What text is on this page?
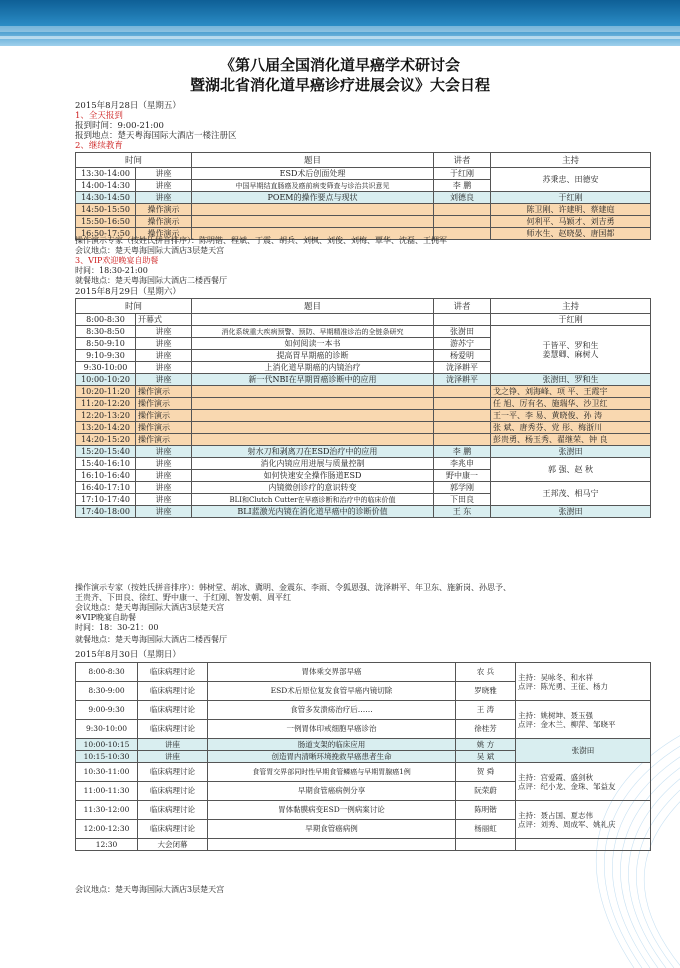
《第八届全国消化道早癌学术研讨会
暨湖北省消化道早癌诊疗进展会议》大会日程
2015年8月28日（星期五）
1、全天报到
报到时间：9:00-21:00
报到地点：楚天粤海国际大酒店一楼注册区
2、继续教育
时间		题目	讲者	主持
13:30-14:00	讲座	ESD术后创面处理	于红刚	苏秉忠、田德安
14:00-14:30	讲座	中国早期结直肠癌及癌前病变筛查与诊治共识意见	李 鹏	
14:30-14:50	讲座	POEM的操作要点与现状	刘德良	于红刚
14:50-15:50	操作演示			陈卫刚、许建明、蔡建庭
15:50-16:50	操作演示			何利平、马颖才、刘吉勇
16:50-17:50	操作演示			师水生、赵晓晏、唐国都
操作演示专家（按姓氏拼音排序）：陈明锴、程斌、丁震、胡兵、刘枫、刘俊、刘梅、覃华、沈磊、王拥军
会议地点：楚天粤海国际大酒店3层楚天宫
3、VIP欢迎晚宴自助餐
时间：18:30-21:00
就餐地点：楚天粤海国际大酒店二楼西餐厅
2015年8月29日（星期六）
时间		题目	讲者	主持
8:00-8:30	开幕式			于红刚
8:30-8:50	讲座	消化系统重大疾病预警、预防、早期精准诊治的全链条研究	张澍田	于皆平、罗和生
姜慧卿、麻树人

8:50-9:10	讲座	如何阅读一本书	游苏宁	
9:10-9:30	讲座	提高胃早期癌的诊断	杨爱明	
9:30-10:00	讲座	上消化道早期癌的内镜治疗	泷泽耕平	
10:00-10:20	讲座	新一代NBI在早期胃癌诊断中的应用	泷泽耕平	张澍田、罗和生
10:20-11:20	操作演示			戈之铮、刘海峰、项 平、王霞宇
11:20-12:20	操作演示			任 旭、厉有名、施瑞华、沙卫红
12:20-13:20	操作演示			王一平、李 易、黄晓俊、孙 涛
13:20-14:20	操作演示			张 斌、唐秀芬、党 彤、梅浙川
14:20-15:20	操作演示			彭贵勇、杨玉秀、翟继荣、钟 良
15:20-15:40	讲座	射水刀和剥离刀在ESD治疗中的应用	李 鹏	张澍田
15:40-16:10	讲座	消化内镜应用进展与质量控制	李兆申	郭 强、赵 秋
16:10-16:40	讲座	如何快速安全操作肠道ESD	野中康一	
16:40-17:10	讲座	内镜微创诊疗的意识转变	郭学刚	王邦茂、相马宁
17:10-17:40	讲座	BLI和Clutch Cutter在早癌诊断和治疗中的临床价值	下田良	
17:40-18:00	讲座	BLI蓝激光内镜在消化道早癌中的诊断价值	王 东	张澍田
操作演示专家（按姓氏拼音排序）：韩树堂、胡冰、冀明、金震东、李雨、令狐恩强、泷泽耕平、年卫东、施新岗、孙思予、
王贵齐、下田良、徐红、野中康一、于红刚、智发朝、周平红
会议地点：楚天粤海国际大酒店3层楚天宫
※VIP晚宴自助餐
时间：18：30-21：00
就餐地点：楚天粤海国际大酒店二楼西餐厅
2015年8月30日（星期日）
8:00-8:30	临床病理讨论	胃体乘交界部早癌	农 兵	主持：吴咏冬、和水祥
点评：陈光勇、王征、杨力

8:30-9:00	临床病理讨论	ESD术后原位复发食管早癌内镜切除	罗晓雅	
9:00-9:30	临床病理讨论	食管多发溃疡治疗后……	王 涛	主持：姚树坤、聂玉强
点评：金木兰、柳萍、邹晓平

9:30-10:00	临床病理讨论	一例胃体印戒细胞早癌诊治	徐桂芳	
10:00-10:15	讲座	肠道支架的临床应用	姚 方	张澍田
10:15-10:30	讲座	创造胃内清晰环境挽救早癌患者生命	吴 斌	
10:30-11:00	临床病理讨论	食管胃交界部同时性早期食管鳞癌与早期胃腺癌1例	贺 舜	主持：宫爱霞、盛剑秋
点评：纪小龙、金珠、邹益友

11:00-11:30	临床病理讨论	早期食管癌病例分享	阮荣蔚	
11:30-12:00	临床病理讨论	胃体黏膜病变ESD一例病案讨论	陈明锴	主持：聂占国、夏志伟
点评：刘秀、周成军、姚礼庆

12:00-12:30	临床病理讨论	早期食管癌病例	杨丽虹	
12:30	大会闭幕			
会议地点：楚天粤海国际大酒店3层楚天宫
